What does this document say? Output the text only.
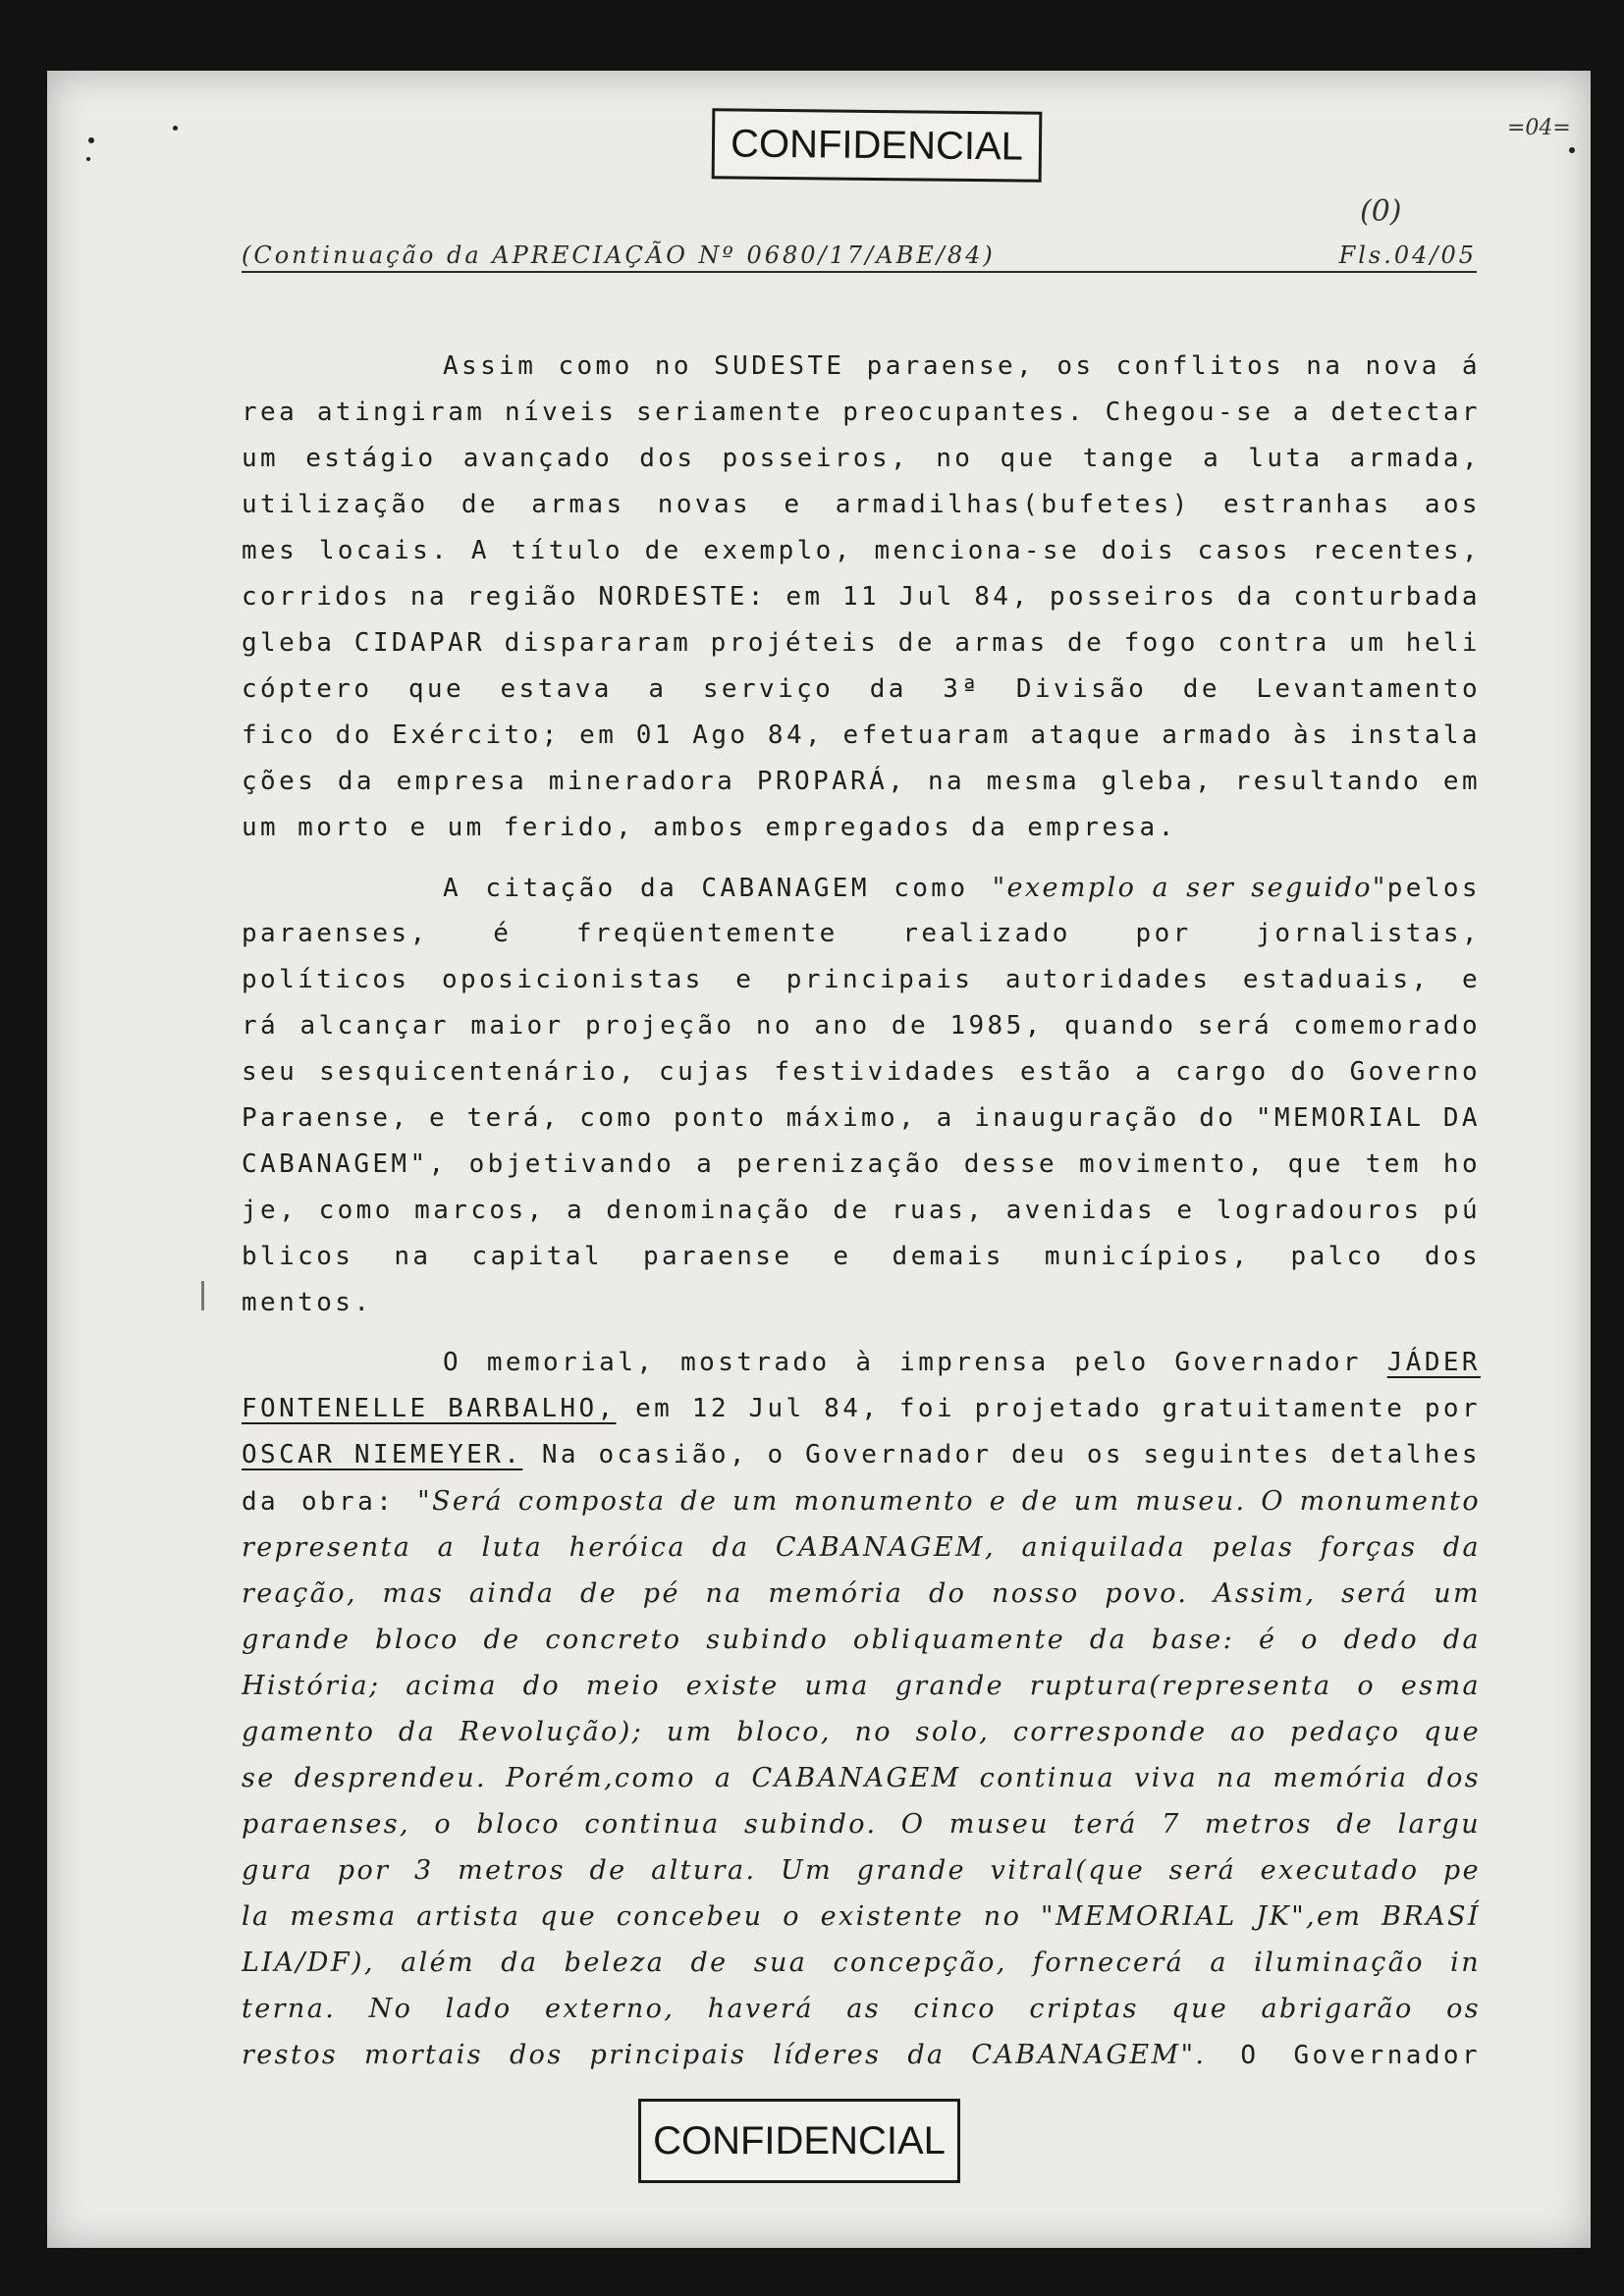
CONFIDENCIAL	=04=
(0)
(Continuação da APRECIAÇÃO Nº 0680/17/ABE/84)	Fls.04/05
Assim como no SUDESTE paraense, os conflitos na nova á
rea atingiram níveis seriamente preocupantes. Chegou-se a detectar
um estágio avançado dos posseiros, no que tange a luta armada,
utilização de armas novas e armadilhas(bufetes) estranhas aos
mes locais. A título de exemplo, menciona-se dois casos recentes,
corridos na região NORDESTE: em 11 Jul 84, posseiros da conturbada
gleba CIDAPAR dispararam projéteis de armas de fogo contra um heli
cóptero que estava a serviço da 3ª Divisão de Levantamento
fico do Exército; em 01 Ago 84, efetuaram ataque armado às instala
ções da empresa mineradora PROPARÁ, na mesma gleba, resultando em
um morto e um ferido, ambos empregados da empresa.
A citação da CABANAGEM como "exemplo a ser seguido"pelos
paraenses, é freqüentemente realizado por jornalistas,
políticos oposicionistas e principais autoridades estaduais, e
rá alcançar maior projeção no ano de 1985, quando será comemorado
seu sesquicentenário, cujas festividades estão a cargo do Governo
Paraense, e terá, como ponto máximo, a inauguração do "MEMORIAL DA
CABANAGEM", objetivando a perenização desse movimento, que tem ho
je, como marcos, a denominação de ruas, avenidas e logradouros pú
blicos na capital paraense e demais municípios, palco dos
mentos.
O memorial, mostrado à imprensa pelo Governador JÁDER
FONTENELLE BARBALHO, em 12 Jul 84, foi projetado gratuitamente por
OSCAR NIEMEYER. Na ocasião, o Governador deu os seguintes detalhes
da obra: "Será composta de um monumento e de um museu. O monumento
representa a luta heróica da CABANAGEM, aniquilada pelas forças da
reação, mas ainda de pé na memória do nosso povo. Assim, será um
grande bloco de concreto subindo obliquamente da base: é o dedo da
História; acima do meio existe uma grande ruptura(representa o esma
gamento da Revolução); um bloco, no solo, corresponde ao pedaço que
se desprendeu. Porém,como a CABANAGEM continua viva na memória dos
paraenses, o bloco continua subindo. O museu terá 7 metros de largu
gura por 3 metros de altura. Um grande vitral(que será executado pe
la mesma artista que concebeu o existente no "MEMORIAL JK",em BRASÍ
LIA/DF), além da beleza de sua concepção, fornecerá a iluminação in
terna. No lado externo, haverá as cinco criptas que abrigarão os
restos mortais dos principais líderes da CABANAGEM". O Governador
CONFIDENCIAL
